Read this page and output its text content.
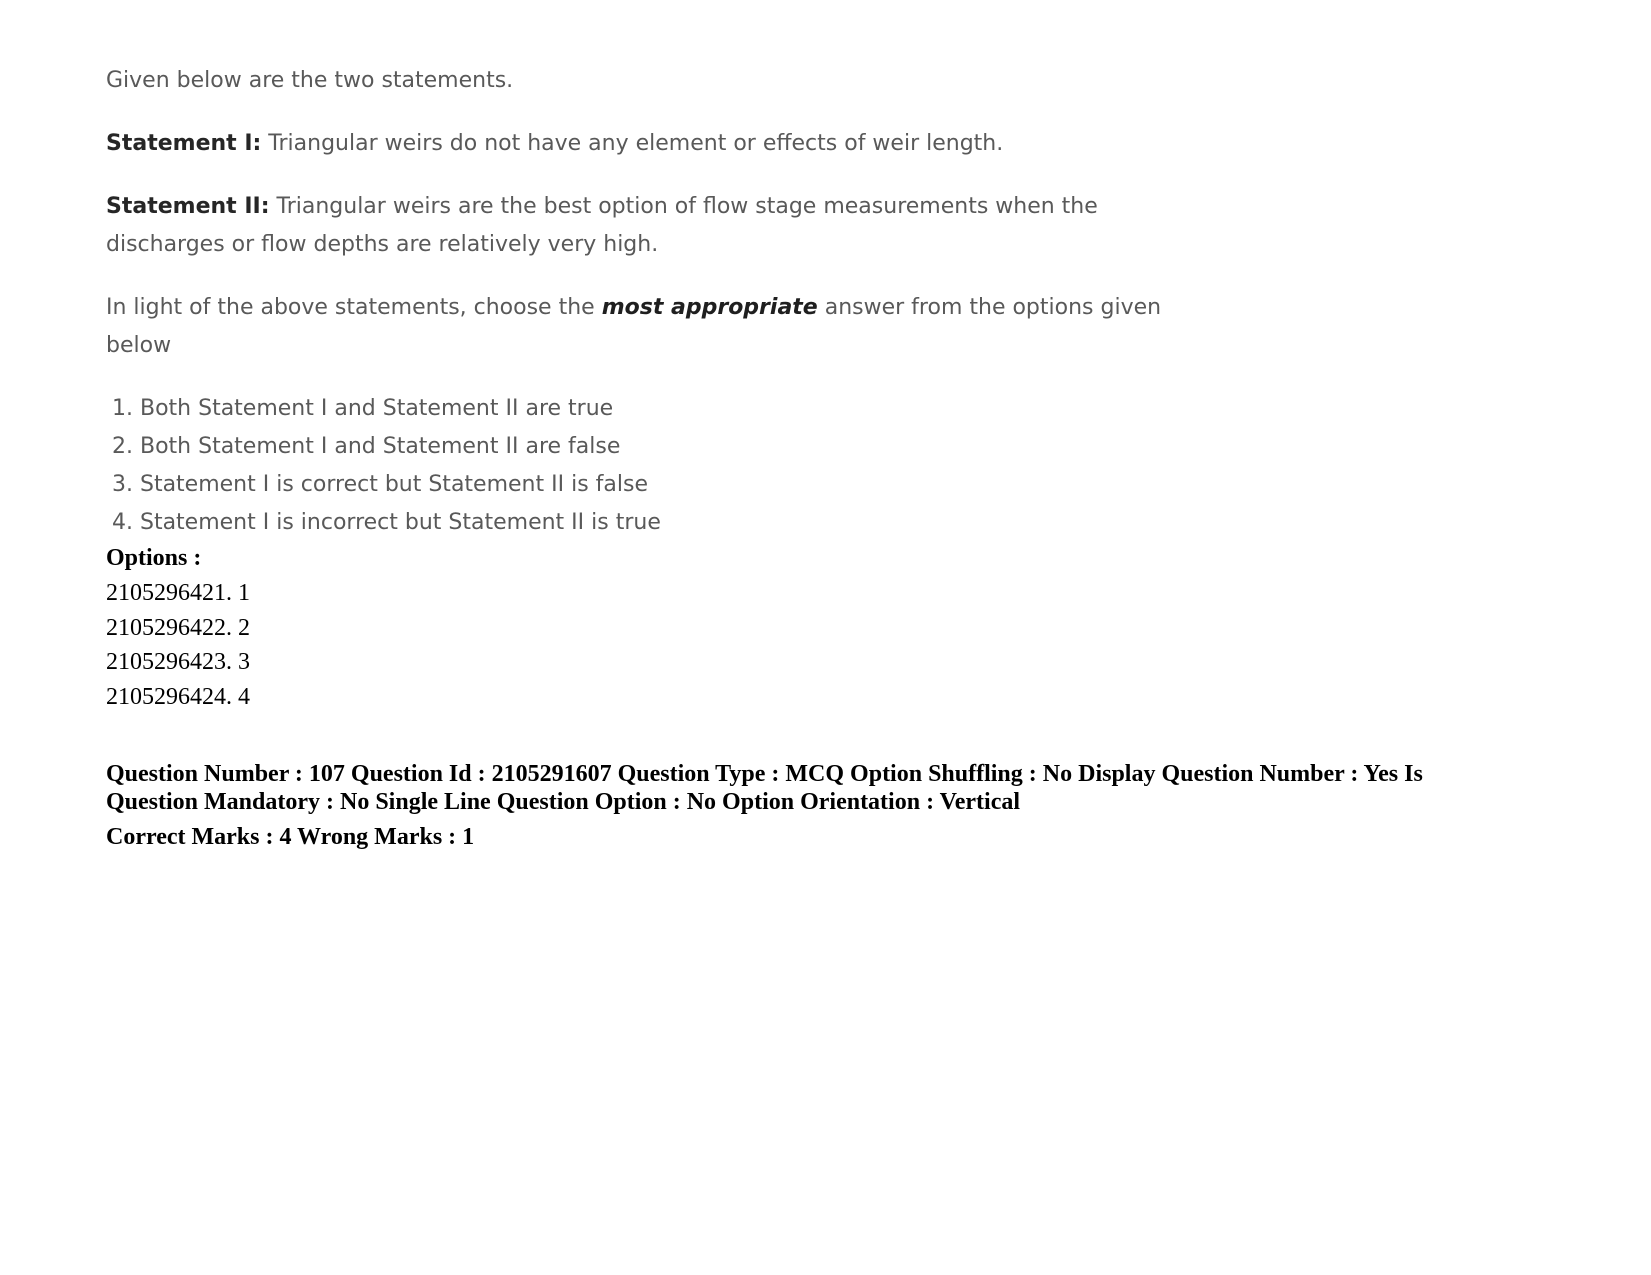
Given below are the two statements.

Statement I: Triangular weirs do not have any element or effects of weir length.

Statement II: Triangular weirs are the best option of flow stage measurements when the

discharges or flow depths are relatively very high.

In light of the above statements, choose the most appropriate answer from the options given

below

1. Both Statement I and Statement II are true
2. Both Statement I and Statement II are false
3. Statement I is correct but Statement II is false
4. Statement I is incorrect but Statement II is true

Options :

2105296421. 1

2105296422. 2

2105296423. 3

2105296424. 4

Question Number : 107 Question Id : 2105291607 Question Type : MCQ Option Shuffling : No Display Question Number : Yes Is

Question Mandatory : No Single Line Question Option : No Option Orientation : Vertical

Correct Marks : 4 Wrong Marks : 1
